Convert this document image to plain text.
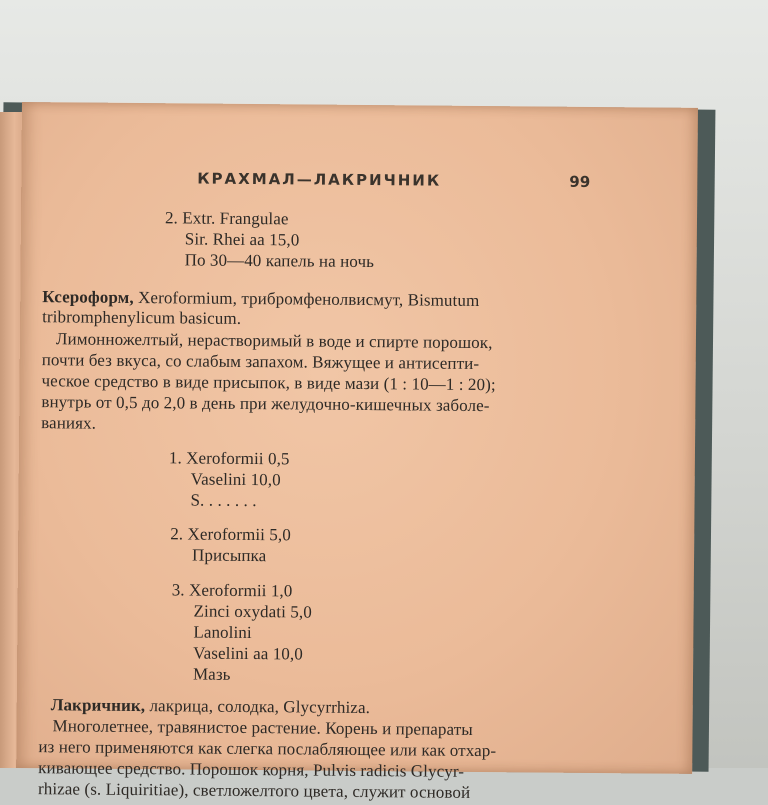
КРАХМАЛ—ЛАКРИЧНИК	99
2. Extr. Frangulae
Sir. Rhei aa 15,0
По 30—40 капель на ночь
Ксероформ, Xeroformium, трибромфенолвисмут, Bismutum
tribromphenylicum basicum.
Лимонножелтый, нерастворимый в воде и спирте порошок,
почти без вкуса, со слабым запахом. Вяжущее и антисепти-
ческое средство в виде присыпок, в виде мази (1 : 10—1 : 20);
внутрь от 0,5 до 2,0 в день при желудочно-кишечных заболе-
ваниях.
1. Xeroformii 0,5
Vaselini 10,0
S. . . . . . .
2. Xeroformii 5,0
Присыпка
3. Xeroformii 1,0
Zinci oxydati 5,0
Lanolini
Vaselini aa 10,0
Мазь
Лакричник, лакрица, солодка, Glycyrrhiza.
Многолетнее, травянистое растение. Корень и препараты
из него применяются как слегка послабляющее или как отхар-
кивающее средство. Порошок корня, Pulvis radicis Glycyr-
rhizae (s. Liquiritiae), светложелтого цвета, служит основой
